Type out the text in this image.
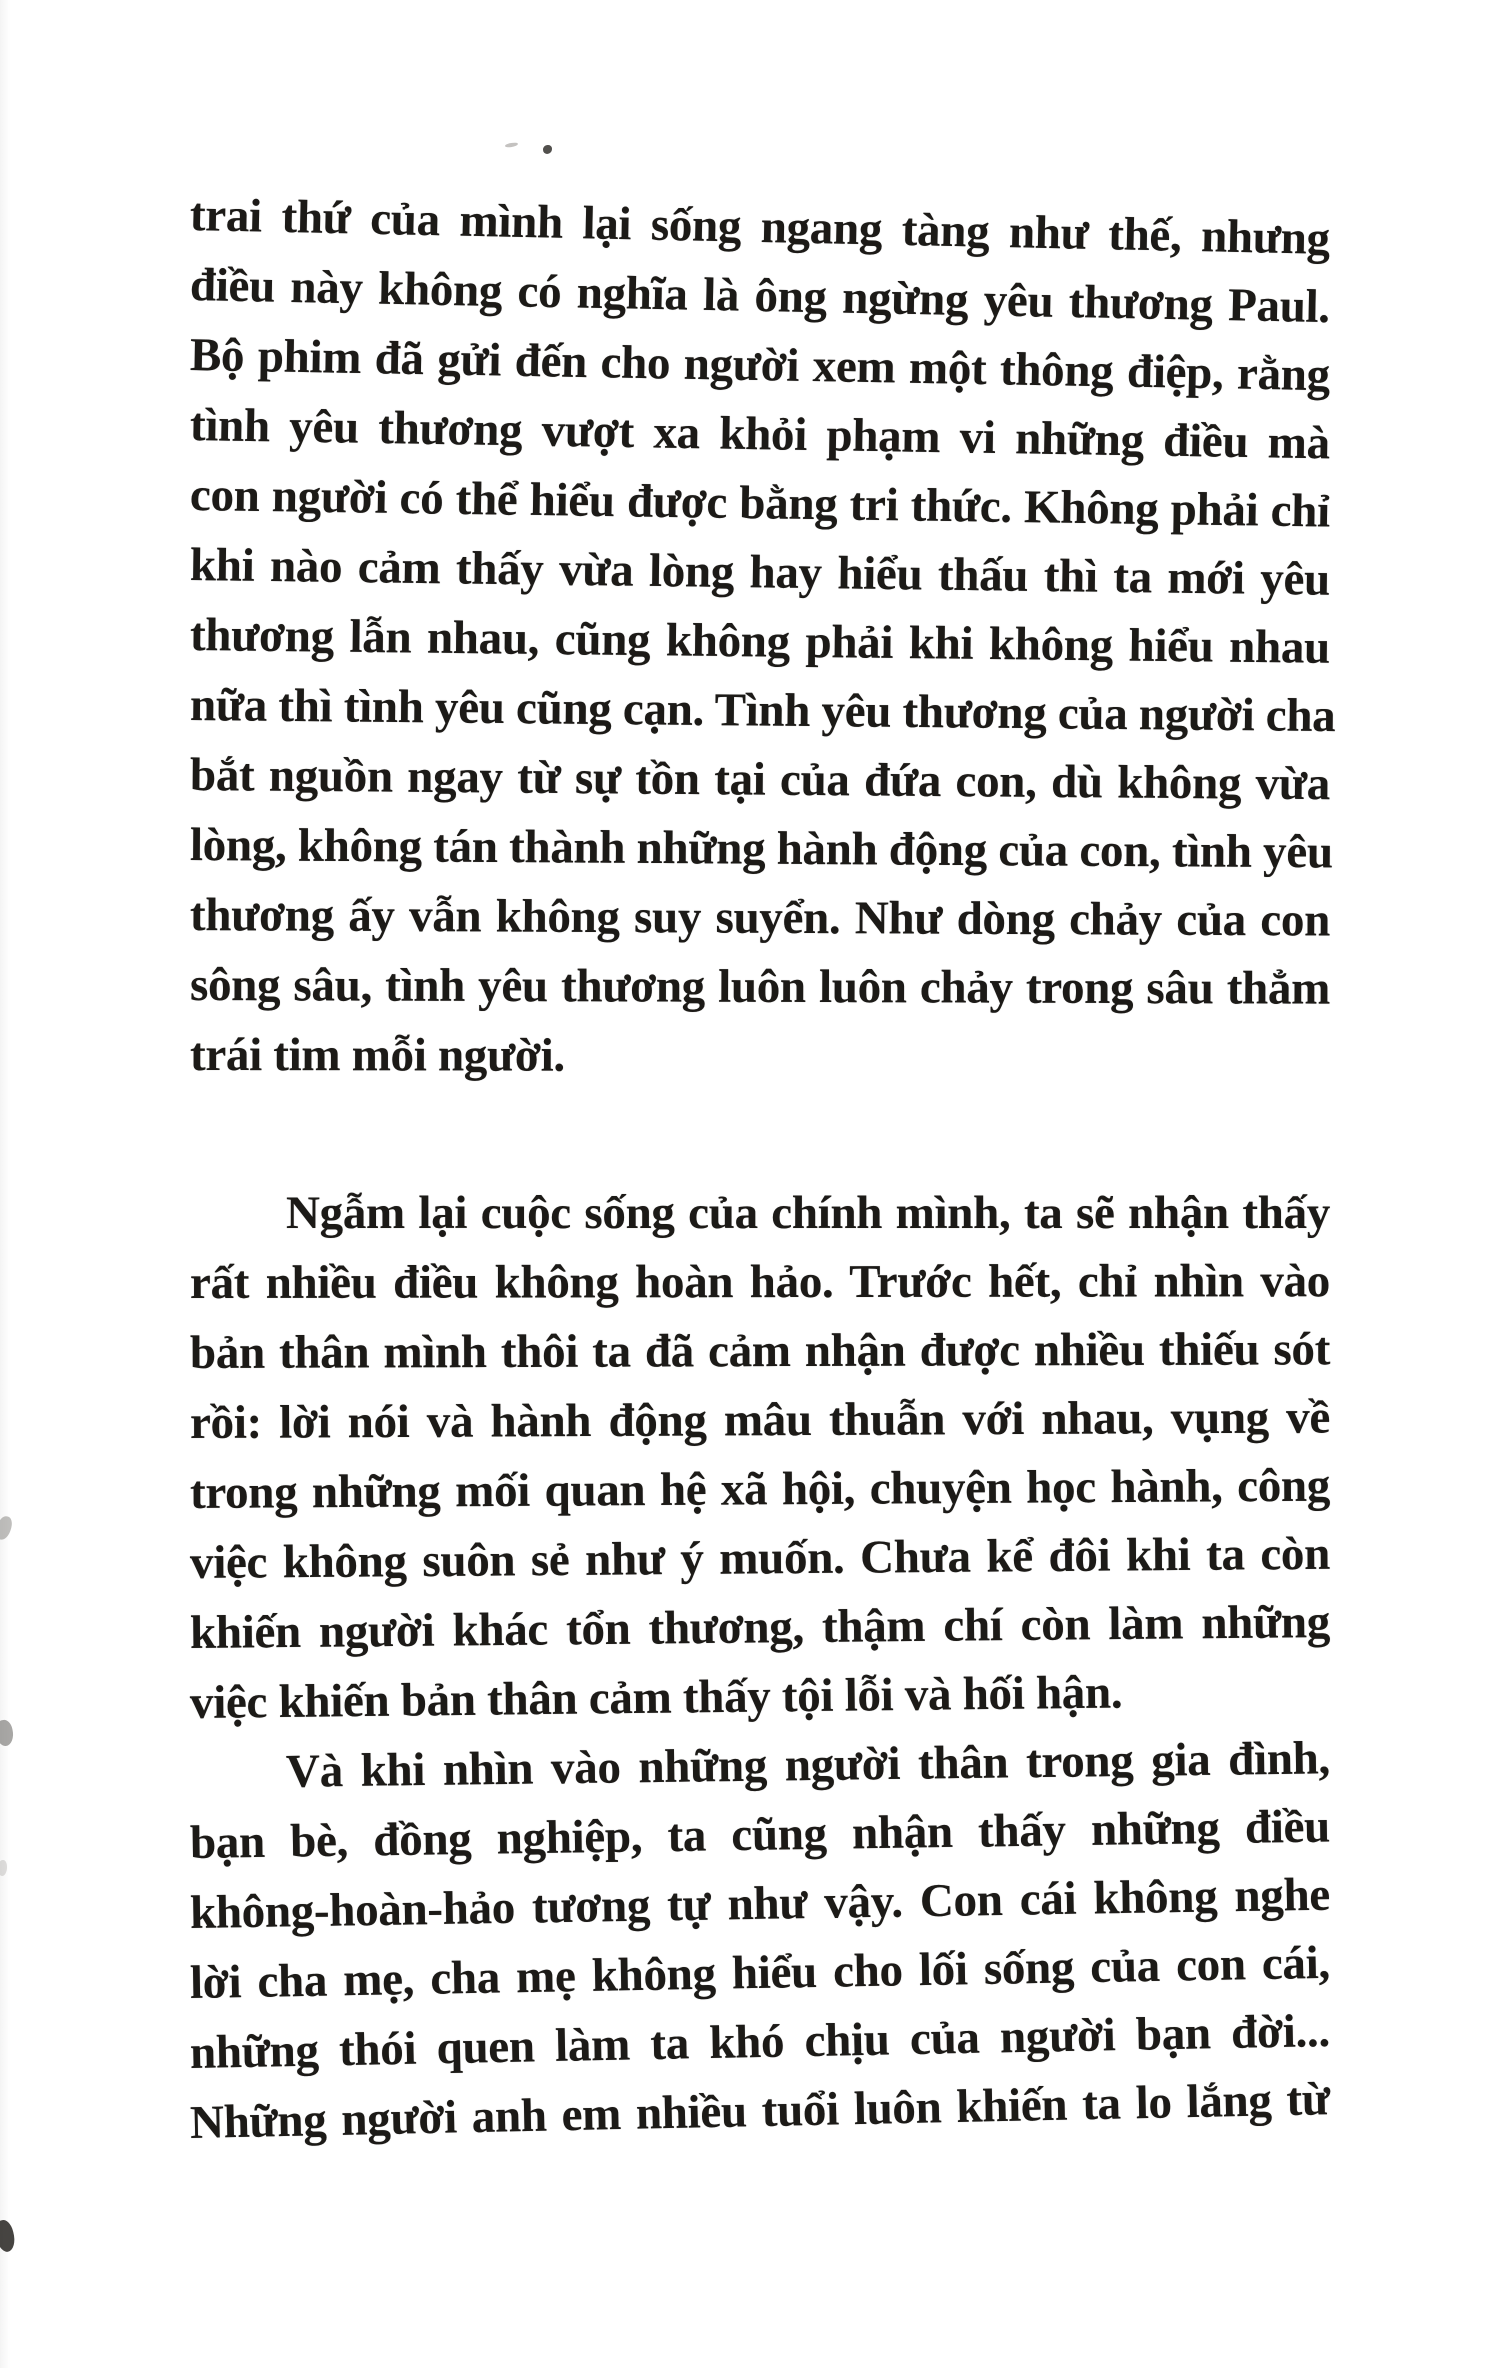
trai thứ của mình lại sống ngang tàng như thế, nhưng
điều này không có nghĩa là ông ngừng yêu thương Paul.
Bộ phim đã gửi đến cho người xem một thông điệp, rằng
tình yêu thương vượt xa khỏi phạm vi những điều mà
con người có thể hiểu được bằng tri thức. Không phải chỉ
khi nào cảm thấy vừa lòng hay hiểu thấu thì ta mới yêu
thương lẫn nhau, cũng không phải khi không hiểu nhau
nữa thì tình yêu cũng cạn. Tình yêu thương của người cha
bắt nguồn ngay từ sự tồn tại của đứa con, dù không vừa
lòng, không tán thành những hành động của con, tình yêu
thương ấy vẫn không suy suyển. Như dòng chảy của con
sông sâu, tình yêu thương luôn luôn chảy trong sâu thẳm
trái tim mỗi người.
Ngẫm lại cuộc sống của chính mình, ta sẽ nhận thấy
rất nhiều điều không hoàn hảo. Trước hết, chỉ nhìn vào
bản thân mình thôi ta đã cảm nhận được nhiều thiếu sót
rồi: lời nói và hành động mâu thuẫn với nhau, vụng về
trong những mối quan hệ xã hội, chuyện học hành, công
việc không suôn sẻ như ý muốn. Chưa kể đôi khi ta còn
khiến người khác tổn thương, thậm chí còn làm những
việc khiến bản thân cảm thấy tội lỗi và hối hận.
Và khi nhìn vào những người thân trong gia đình,
bạn bè, đồng nghiệp, ta cũng nhận thấy những điều
không-hoàn-hảo tương tự như vậy. Con cái không nghe
lời cha mẹ, cha mẹ không hiểu cho lối sống của con cái,
những thói quen làm ta khó chịu của người bạn đời...
Những người anh em nhiều tuổi luôn khiến ta lo lắng từ
